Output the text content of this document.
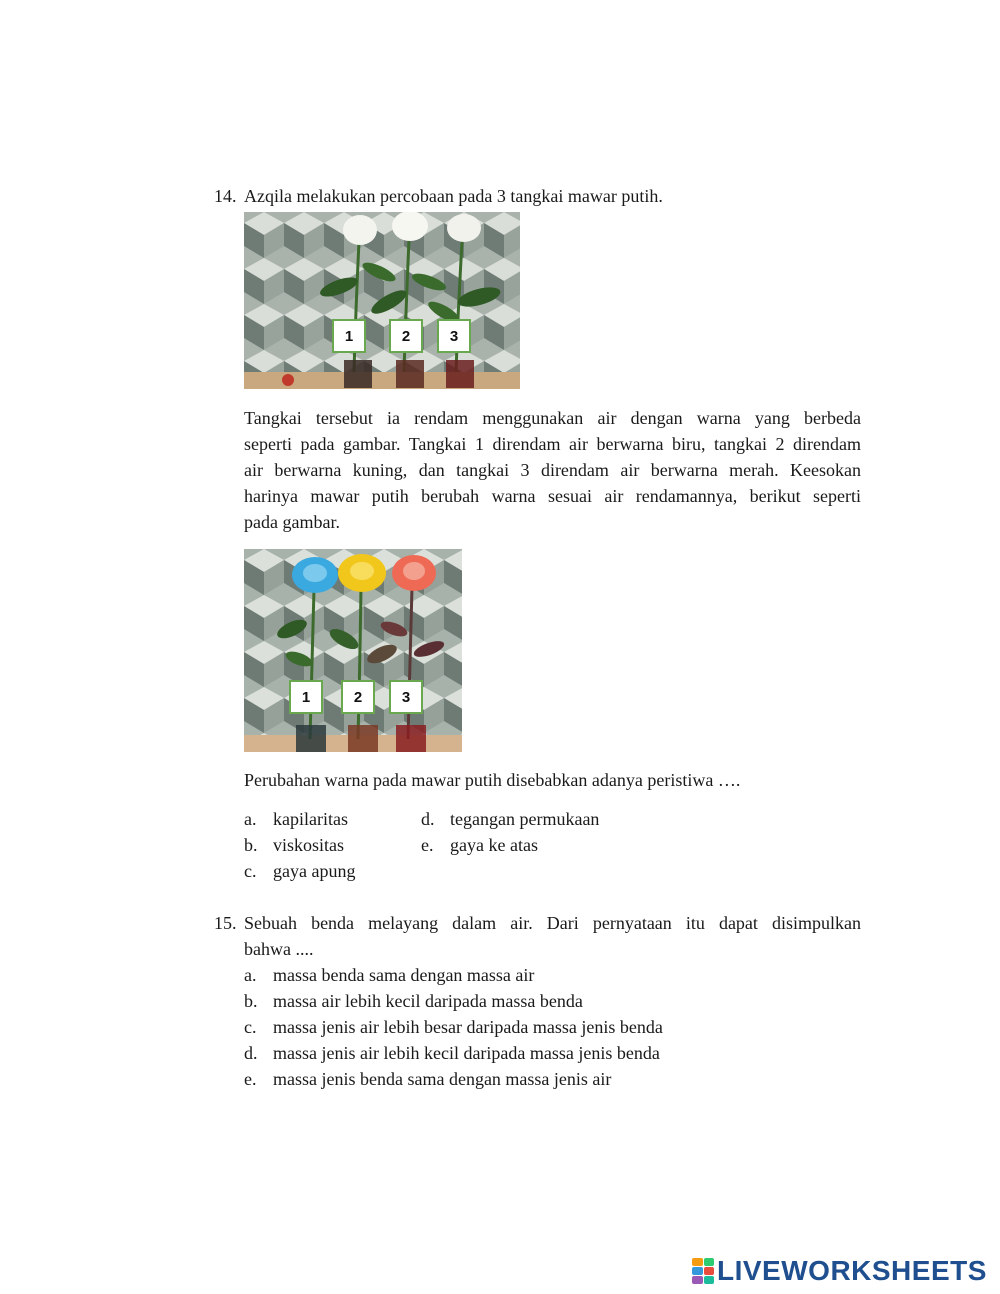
14. Azqila melakukan percobaan pada 3 tangkai mawar putih.
1	2	3
Tangkai tersebut ia rendam menggunakan air dengan warna yang berbeda
seperti pada gambar. Tangkai 1 direndam air berwarna biru, tangkai 2 direndam
air berwarna kuning, dan tangkai 3 direndam air berwarna merah. Keesokan
harinya mawar putih berubah warna sesuai air rendamannya, berikut seperti
pada gambar.
1	2	3
Perubahan warna pada mawar putih disebabkan adanya peristiwa ….
a. kapilaritas
b. viskositas
c. gaya apung
d. tegangan permukaan
e. gaya ke atas
15. Sebuah benda melayang dalam air. Dari pernyataan itu dapat disimpulkan
bahwa ....
a. massa benda sama dengan massa air
b. massa air lebih kecil daripada massa benda
c. massa jenis air lebih besar daripada massa jenis benda
d. massa jenis air lebih kecil daripada massa jenis benda
e. massa jenis benda sama dengan massa jenis air
LIVEWORKSHEETS
